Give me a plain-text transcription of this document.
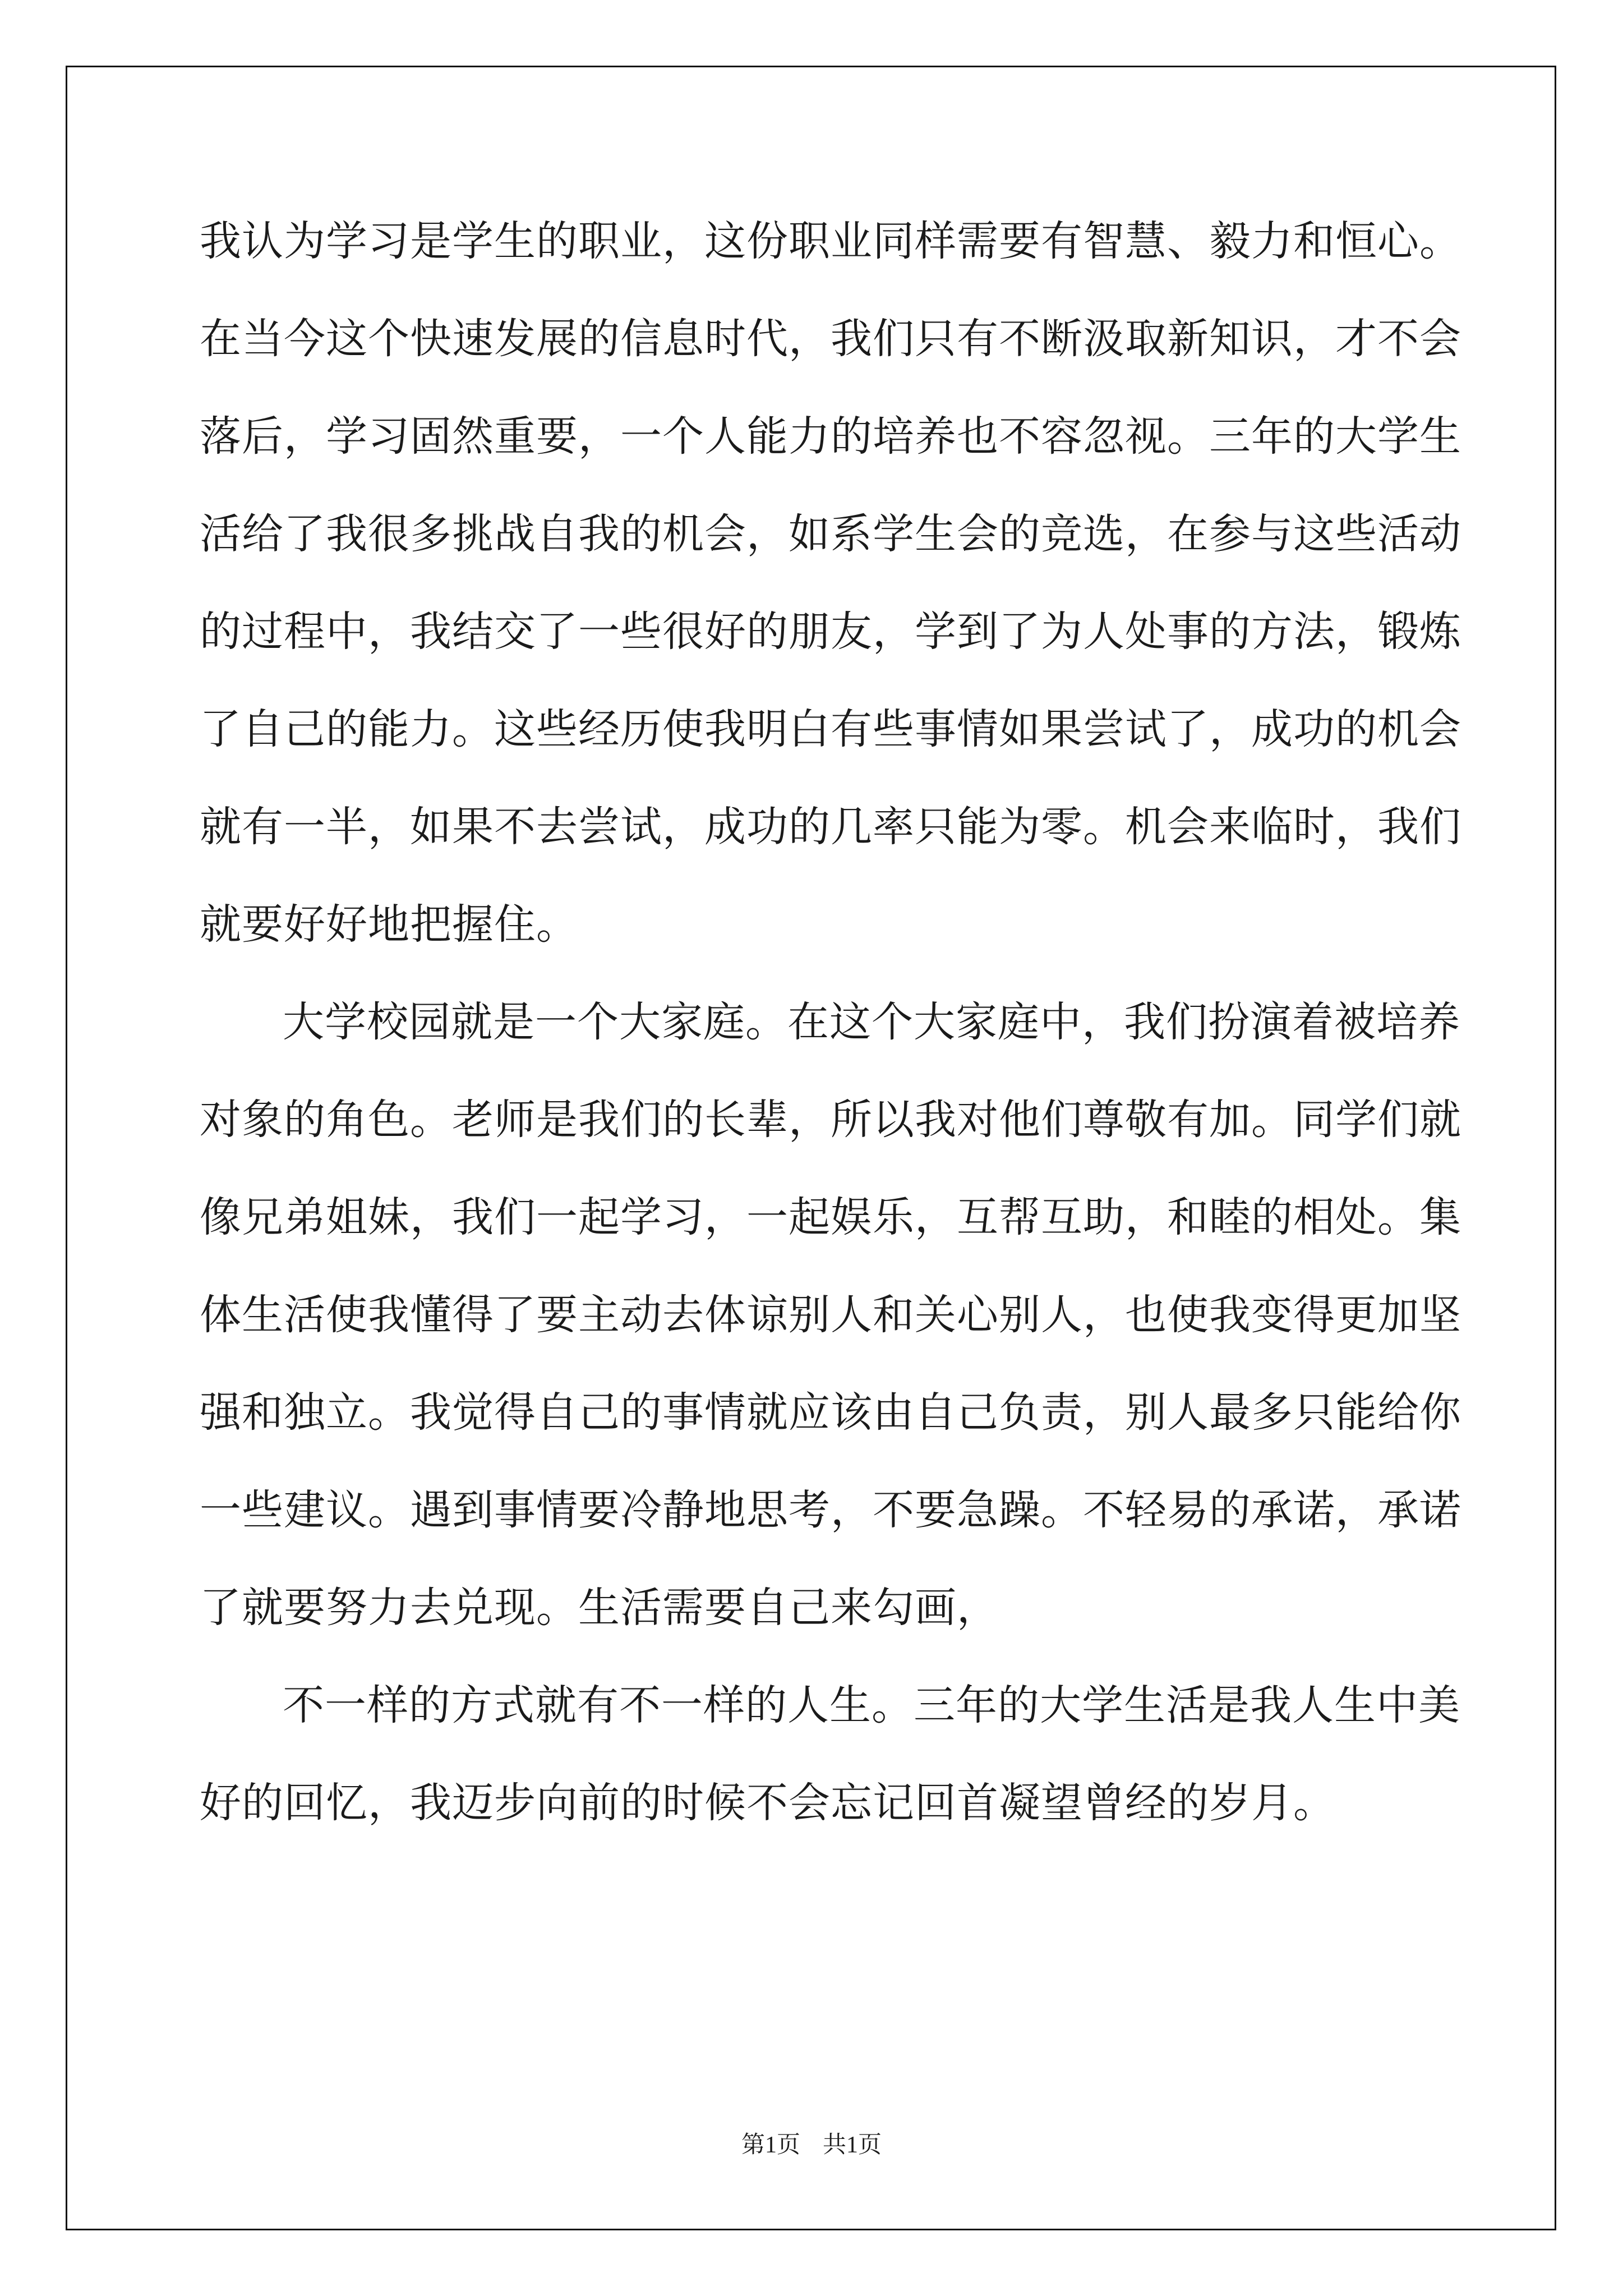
我认为学习是学生的职业，这份职业同样需要有智慧、毅力和恒心。
在当今这个快速发展的信息时代，我们只有不断汲取新知识，才不会
落后，学习固然重要，一个人能力的培养也不容忽视。三年的大学生
活给了我很多挑战自我的机会，如系学生会的竞选，在参与这些活动
的过程中，我结交了一些很好的朋友，学到了为人处事的方法，锻炼
了自己的能力。这些经历使我明白有些事情如果尝试了，成功的机会
就有一半，如果不去尝试，成功的几率只能为零。机会来临时，我们
就要好好地把握住。
大学校园就是一个大家庭。在这个大家庭中，我们扮演着被培养
对象的角色。老师是我们的长辈，所以我对他们尊敬有加。同学们就
像兄弟姐妹，我们一起学习，一起娱乐，互帮互助，和睦的相处。集
体生活使我懂得了要主动去体谅别人和关心别人，也使我变得更加坚
强和独立。我觉得自己的事情就应该由自己负责，别人最多只能给你
一些建议。遇到事情要冷静地思考，不要急躁。不轻易的承诺，承诺
了就要努力去兑现。生活需要自己来勾画，
不一样的方式就有不一样的人生。三年的大学生活是我人生中美
好的回忆，我迈步向前的时候不会忘记回首凝望曾经的岁月。
第1页 共1页
